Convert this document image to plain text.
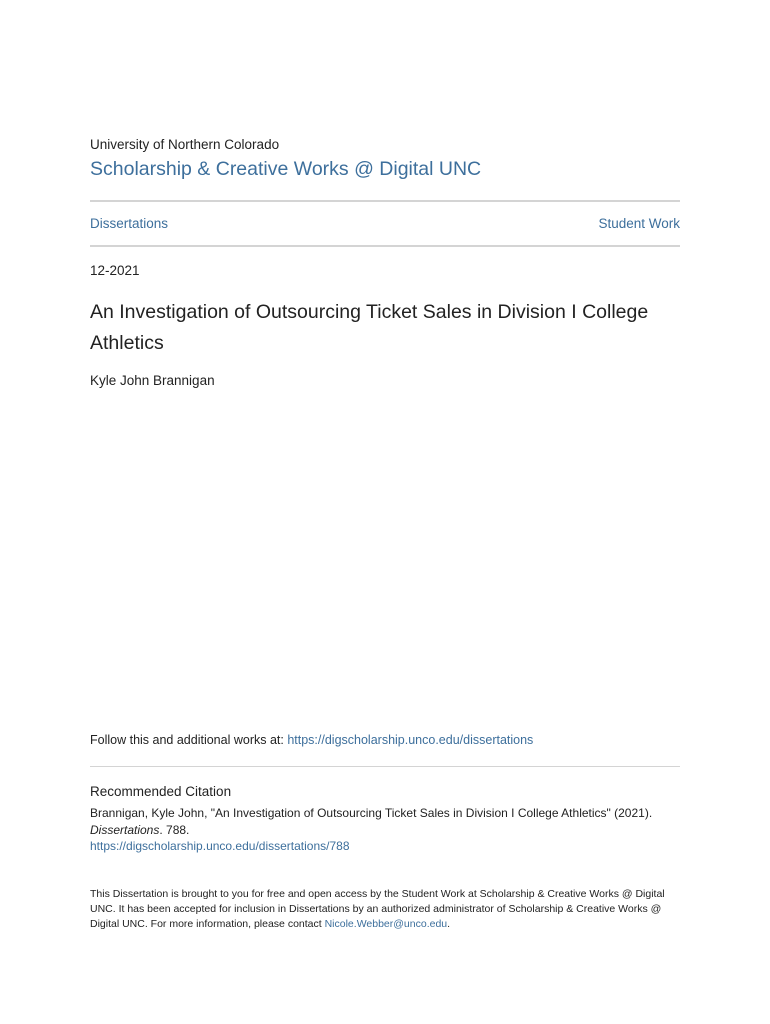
University of Northern Colorado
Scholarship & Creative Works @ Digital UNC
Dissertations	Student Work
12-2021
An Investigation of Outsourcing Ticket Sales in Division I College Athletics
Kyle John Brannigan
Follow this and additional works at: https://digscholarship.unco.edu/dissertations
Recommended Citation
Brannigan, Kyle John, "An Investigation of Outsourcing Ticket Sales in Division I College Athletics" (2021).
Dissertations. 788.
https://digscholarship.unco.edu/dissertations/788
This Dissertation is brought to you for free and open access by the Student Work at Scholarship & Creative Works @ Digital UNC. It has been accepted for inclusion in Dissertations by an authorized administrator of Scholarship & Creative Works @ Digital UNC. For more information, please contact Nicole.Webber@unco.edu.
